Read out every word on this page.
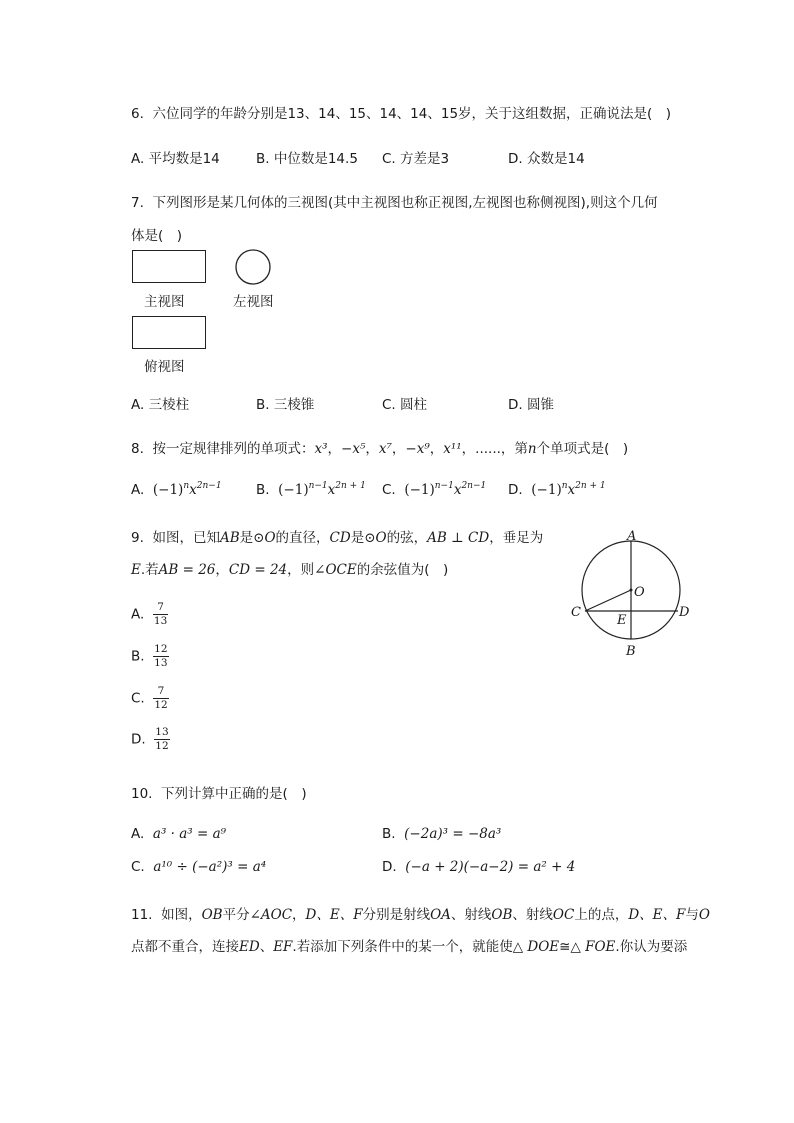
6.  六位同学的年龄分别是13、14、15、14、14、15岁，关于这组数据，正确说法是(　)
A. 平均数是14	B. 中位数是14.5 C. 方差是3	D. 众数是14
7.  下列图形是某几何体的三视图(其中主视图也称正视图,左视图也称侧视图),则这个几何
体是(　)
主视图	左视图
俯视图
A. 三棱柱	B. 三棱锥	C. 圆柱	D. 圆锥
8. 按一定规律排列的单项式：x³，−x⁵，x⁷，−x⁹，x¹¹，......，第n个单项式是(　)
A. $(-1)^nx^{2n-1}$	B. $(-1)^{n-1}x^{2n + 1}$ C. $(-1)^{n-1}x^{2n-1}$ D. $(-1)^nx^{2n + 1}$
9. 如图，已知AB是⊙O的直径，CD是⊙O的弦，AB ⊥ CD，垂足为
E.若AB = 26，CD = 24，则∠OCE的余弦值为(　)
A. $\frac{7}{13}$
B. $\frac{12}{13}$
C. $\frac{7}{12}$
D. $\frac{13}{12}$
A
B
C	D
E
O
10.  下列计算中正确的是(　)
A. a³ · a³ = a⁹	B. (−2a)³ = −8a³
C. a¹⁰ ÷ (−a²)³ = a⁴	D. (−a + 2)(−a−2) = a² + 4
11. 如图，OB平分∠AOC，D、E、F分别是射线OA、射线OB、射线OC上的点，D、E、F与O
点都不重合，连接ED、EF.若添加下列条件中的某一个，就能使△ DOE≅△ FOE.你认为要添
